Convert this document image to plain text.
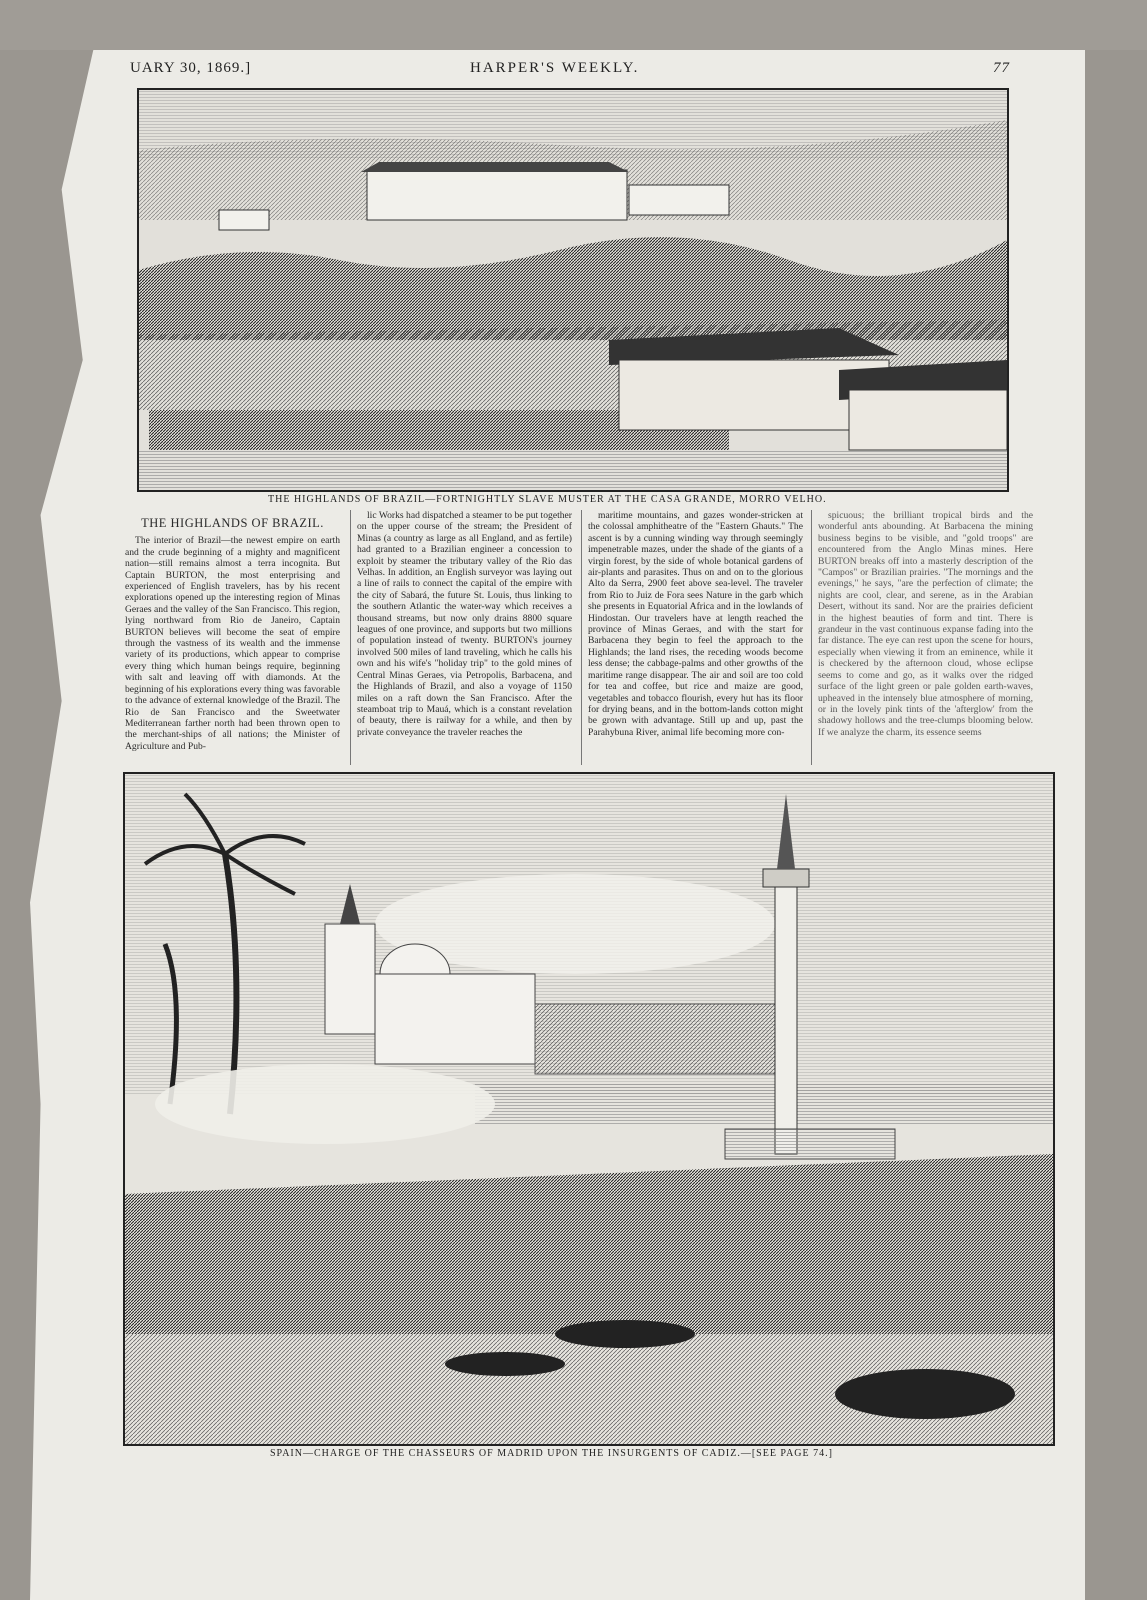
UARY 30, 1869.]	HARPER'S WEEKLY.	77
THE HIGHLANDS OF BRAZIL—FORTNIGHTLY SLAVE MUSTER AT THE CASA GRANDE, MORRO VELHO.
THE HIGHLANDS OF BRAZIL.

The interior of Brazil—the newest empire on earth and the crude beginning of a mighty and magnificent nation—still remains almost a terra incognita. But Captain BURTON, the most enterprising and experienced of English travelers, has by his recent explorations opened up the interesting region of Minas Geraes and the valley of the San Francisco. This region, lying northward from Rio de Janeiro, Captain BURTON believes will become the seat of empire through the vastness of its wealth and the immense variety of its productions, which appear to comprise every thing which human beings require, beginning with salt and leaving off with diamonds. At the beginning of his explorations every thing was favorable to the advance of external knowledge of the Brazil. The Rio de San Francisco and the Sweetwater Mediterranean farther north had been thrown open to the merchant-ships of all nations; the Minister of Agriculture and Pub-

lic Works had dispatched a steamer to be put together on the upper course of the stream; the President of Minas (a country as large as all England, and as fertile) had granted to a Brazilian engineer a concession to exploit by steamer the tributary valley of the Rio das Velhas. In addition, an English surveyor was laying out a line of rails to connect the capital of the empire with the city of Sabará, the future St. Louis, thus linking to the southern Atlantic the water-way which receives a thousand streams, but now only drains 8800 square leagues of one province, and supports but two millions of population instead of twenty. BURTON's journey involved 500 miles of land traveling, which he calls his own and his wife's "holiday trip" to the gold mines of Central Minas Geraes, via Petropolis, Barbacena, and the Highlands of Brazil, and also a voyage of 1150 miles on a raft down the San Francisco. After the steamboat trip to Mauá, which is a constant revelation of beauty, there is railway for a while, and then by private conveyance the traveler reaches the

maritime mountains, and gazes wonder-stricken at the colossal amphitheatre of the "Eastern Ghauts." The ascent is by a cunning winding way through seemingly impenetrable mazes, under the shade of the giants of a virgin forest, by the side of whole botanical gardens of air-plants and parasites. Thus on and on to the glorious Alto da Serra, 2900 feet above sea-level. The traveler from Rio to Juiz de Fora sees Nature in the garb which she presents in Equatorial Africa and in the lowlands of Hindostan. Our travelers have at length reached the province of Minas Geraes, and with the start for Barbacena they begin to feel the approach to the Highlands; the land rises, the receding woods become less dense; the cabbage-palms and other growths of the maritime range disappear. The air and soil are too cold for tea and coffee, but rice and maize are good, vegetables and tobacco flourish, every hut has its floor for drying beans, and in the bottom-lands cotton might be grown with advantage. Still up and up, past the Parahybuna River, animal life becoming more con-

spicuous; the brilliant tropical birds and the wonderful ants abounding. At Barbacena the mining business begins to be visible, and "gold troops" are encountered from the Anglo Minas mines. Here BURTON breaks off into a masterly description of the "Campos" or Brazilian prairies. "The mornings and the evenings," he says, "are the perfection of climate; the nights are cool, clear, and serene, as in the Arabian Desert, without its sand. Nor are the prairies deficient in the highest beauties of form and tint. There is grandeur in the vast continuous expanse fading into the far distance. The eye can rest upon the scene for hours, especially when viewing it from an eminence, while it is checkered by the afternoon cloud, whose eclipse seems to come and go, as it walks over the ridged surface of the light green or pale golden earth-waves, upheaved in the intensely blue atmosphere of morning, or in the lovely pink tints of the 'afterglow' from the shadowy hollows and the tree-clumps blooming below. If we analyze the charm, its essence seems

SPAIN—CHARGE OF THE CHASSEURS OF MADRID UPON THE INSURGENTS OF CADIZ.—[SEE PAGE 74.]
